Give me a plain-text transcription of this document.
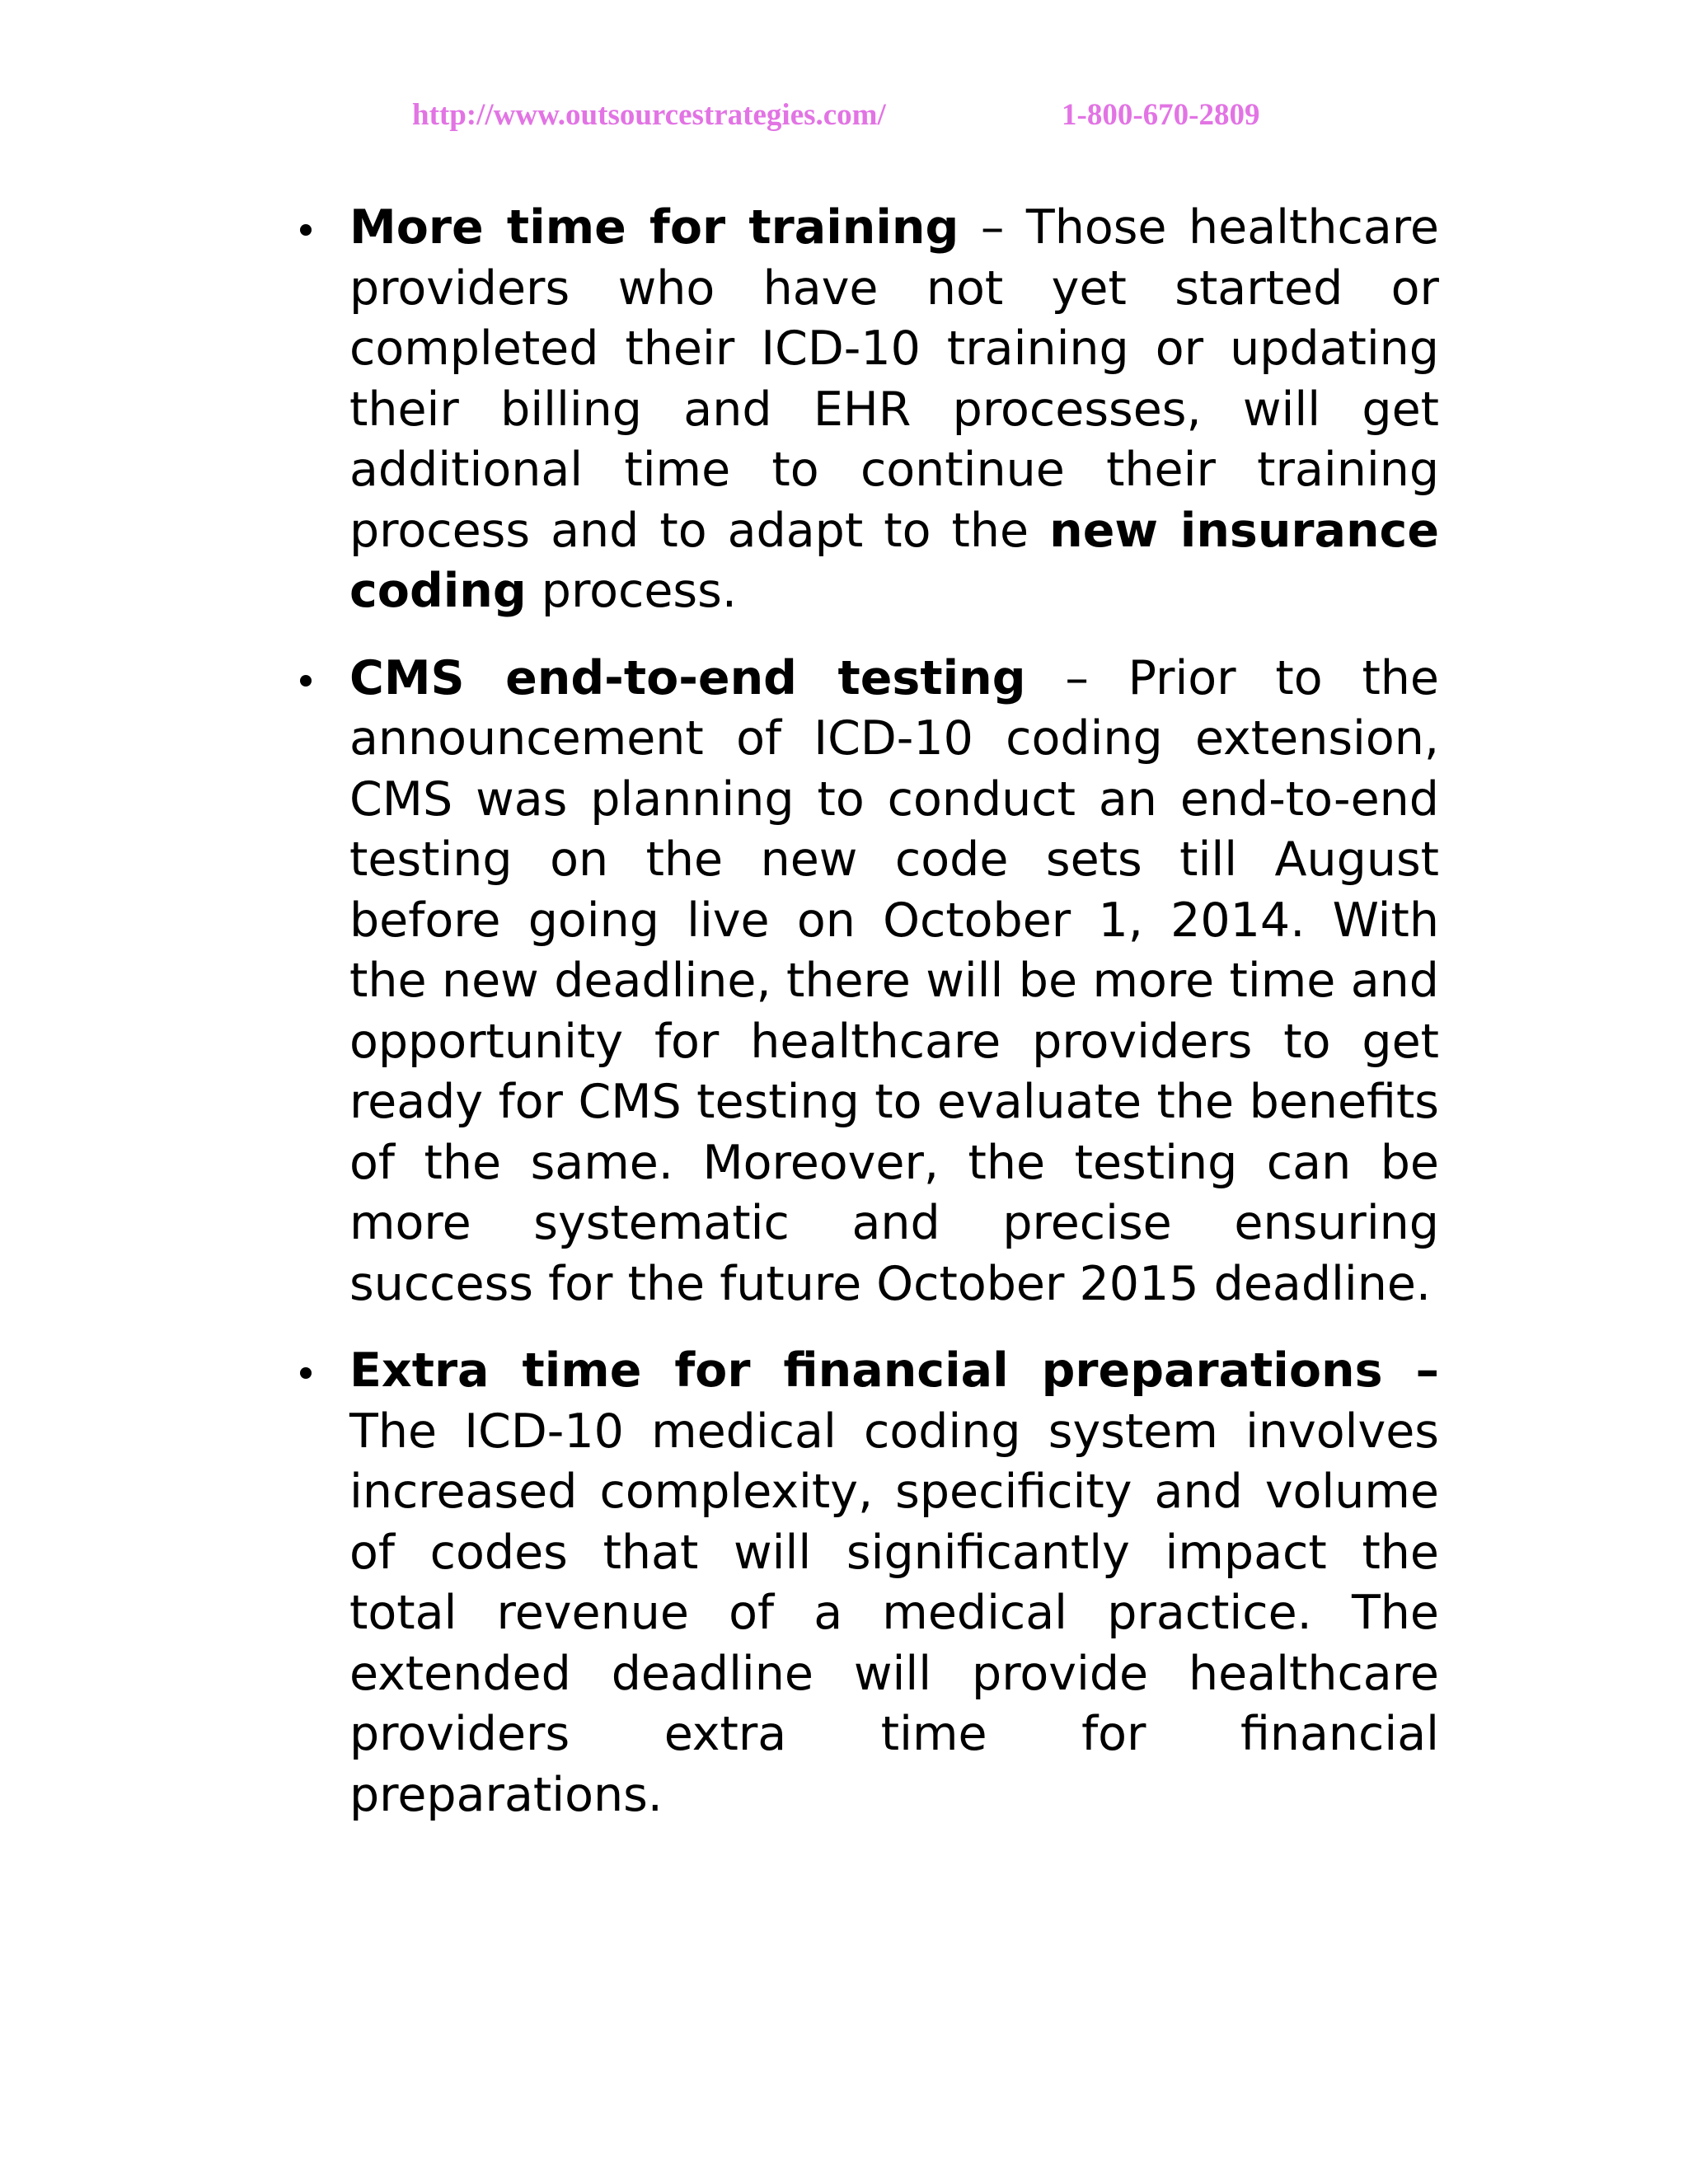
http://www.outsourcestrategies.com/	1-800-670-2809

More time for training – Those healthcare providers who have not yet started or completed their ICD-10 training or updating their billing and EHR processes, will get additional time to continue their training process and to adapt to the new insurance coding process.

CMS end-to-end testing – Prior to the announcement of ICD-10 coding extension, CMS was planning to conduct an end-to-end testing on the new code sets till August before going live on October 1, 2014. With the new deadline, there will be more time and opportunity for healthcare providers to get ready for CMS testing to evaluate the benefits of the same. Moreover, the testing can be more systematic and precise ensuring success for the future October 2015 deadline.

Extra time for financial preparations – The ICD-10 medical coding system involves increased complexity, specificity and volume of codes that will significantly impact the total revenue of a medical practice. The extended deadline will provide healthcare providers extra time for financial preparations.
